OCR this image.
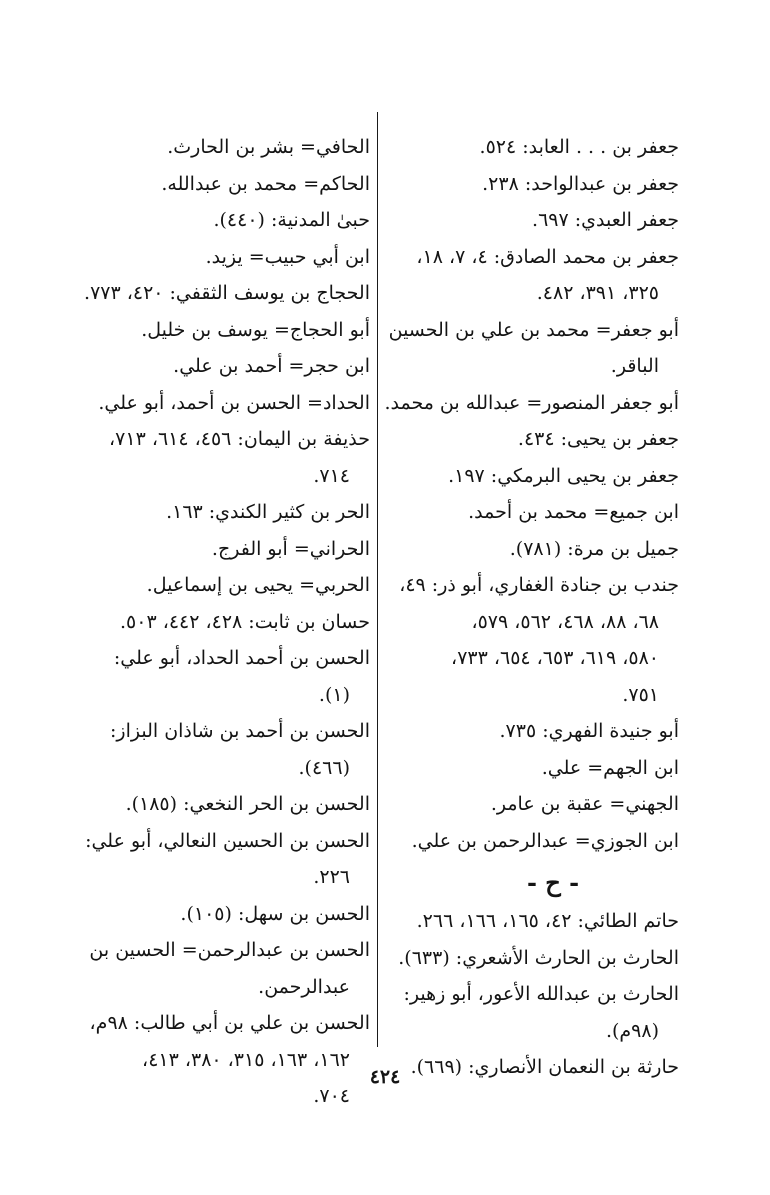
جعفر بن . . . العابد: ٥٢٤.
جعفر بن عبدالواحد: ٢٣٨.
جعفر العبدي: ٦٩٧.
جعفر بن محمد الصادق: ٤، ٧، ١٨،
٣٢٥، ٣٩١، ٤٨٢.
أبو جعفر= محمد بن علي بن الحسين
الباقر.
أبو جعفر المنصور= عبدالله بن محمد.
جعفر بن يحيى: ٤٣٤.
جعفر بن يحيى البرمكي: ١٩٧.
ابن جميع= محمد بن أحمد.
جميل بن مرة: (٧٨١).
جندب بن جنادة الغفاري، أبو ذر: ٤٩،
٦٨، ٨٨، ٤٦٨، ٥٦٢، ٥٧٩،
٥٨٠، ٦١٩، ٦٥٣، ٦٥٤، ٧٣٣،
٧٥١.
أبو جنيدة الفهري: ٧٣٥.
ابن الجهم= علي.
الجهني= عقبة بن عامر.
ابن الجوزي= عبدالرحمن بن علي.
- ح -
حاتم الطائي: ٤٢، ١٦٥، ١٦٦، ٢٦٦.
الحارث بن الحارث الأشعري: (٦٣٣).
الحارث بن عبدالله الأعور، أبو زهير:
(٩٨م).
حارثة بن النعمان الأنصاري: (٦٦٩).
الحافي= بشر بن الحارث.
الحاكم= محمد بن عبدالله.
حبىٰ المدنية: (٤٤٠).
ابن أبي حبيب= يزيد.
الحجاج بن يوسف الثقفي: ٤٢٠، ٧٧٣.
أبو الحجاج= يوسف بن خليل.
ابن حجر= أحمد بن علي.
الحداد= الحسن بن أحمد، أبو علي.
حذيفة بن اليمان: ٤٥٦، ٦١٤، ٧١٣،
٧١٤.
الحر بن كثير الكندي: ١٦٣.
الحراني= أبو الفرج.
الحربي= يحيى بن إسماعيل.
حسان بن ثابت: ٤٢٨، ٤٤٢، ٥٠٣.
الحسن بن أحمد الحداد، أبو علي:
(١).
الحسن بن أحمد بن شاذان البزاز:
(٤٦٦).
الحسن بن الحر النخعي: (١٨٥).
الحسن بن الحسين النعالي، أبو علي:
٢٢٦.
الحسن بن سهل: (١٠٥).
الحسن بن عبدالرحمن= الحسين بن
عبدالرحمن.
الحسن بن علي بن أبي طالب: ٩٨م،
١٦٢، ١٦٣، ٣١٥، ٣٨٠، ٤١٣،
٧٠٤.
٤٢٤
